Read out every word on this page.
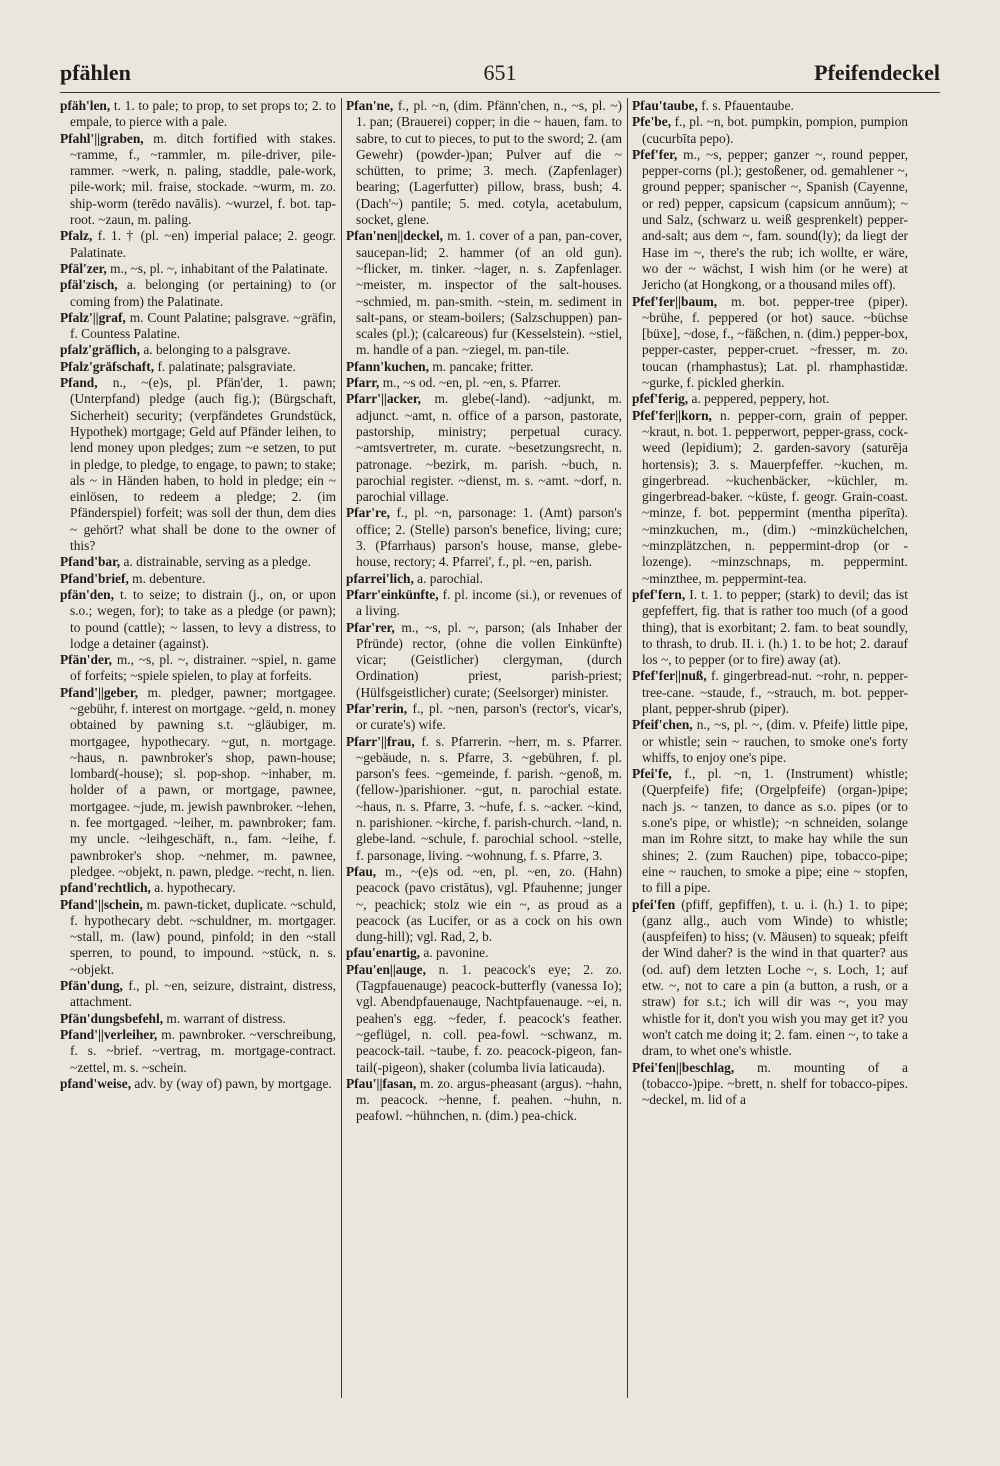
pfählen	651	Pfeifendeckel

pfäh'len, t. 1. to pale; to prop, to set props to; 2. to empale, to pierce with a pale.

Pfahl'||graben, m. ditch fortified with stakes. ~ramme, f., ~rammler, m. pile-driver, pile-rammer. ~werk, n. paling, staddle, pale-work, pile-work; mil. fraise, stockade. ~wurm, m. zo. ship-worm (terēdo navālis). ~wurzel, f. bot. tap-root. ~zaun, m. paling.

Pfalz, f. 1. † (pl. ~en) imperial palace; 2. geogr. Palatinate.

Pfäl'zer, m., ~s, pl. ~, inhabitant of the Palatinate.

pfäl'zisch, a. belonging (or pertaining) to (or coming from) the Palatinate.

Pfalz'||graf, m. Count Palatine; palsgrave. ~gräfin, f. Countess Palatine.

pfalz'gräflich, a. belonging to a palsgrave.

Pfalz'gräfschaft, f. palatinate; palsgraviate.

Pfand, n., ~(e)s, pl. Pfän'der, 1. pawn; (Unterpfand) pledge (auch fig.); (Bürgschaft, Sicherheit) security; (verpfändetes Grundstück, Hypothek) mortgage; Geld auf Pfänder leihen, to lend money upon pledges; zum ~e setzen, to put in pledge, to pledge, to engage, to pawn; to stake; als ~ in Händen haben, to hold in pledge; ein ~ einlösen, to redeem a pledge; 2. (im Pfänderspiel) forfeit; was soll der thun, dem dies ~ gehört? what shall be done to the owner of this?

Pfand'bar, a. distrainable, serving as a pledge.

Pfand'brief, m. debenture.

pfän'den, t. to seize; to distrain (j., on, or upon s.o.; wegen, for); to take as a pledge (or pawn); to pound (cattle); ~ lassen, to levy a distress, to lodge a detainer (against).

Pfän'der, m., ~s, pl. ~, distrainer. ~spiel, n. game of forfeits; ~spiele spielen, to play at forfeits.

Pfand'||geber, m. pledger, pawner; mortgagee. ~gebühr, f. interest on mortgage. ~geld, n. money obtained by pawning s.t. ~gläubiger, m. mortgagee, hypothecary. ~gut, n. mortgage. ~haus, n. pawnbroker's shop, pawn-house; lombard(-house); sl. pop-shop. ~inhaber, m. holder of a pawn, or mortgage, pawnee, mortgagee. ~jude, m. jewish pawnbroker. ~lehen, n. fee mortgaged. ~leiher, m. pawnbroker; fam. my uncle. ~leihgeschäft, n., fam. ~leihe, f. pawnbroker's shop. ~nehmer, m. pawnee, pledgee. ~objekt, n. pawn, pledge. ~recht, n. lien.

pfand'rechtlich, a. hypothecary.

Pfand'||schein, m. pawn-ticket, duplicate. ~schuld, f. hypothecary debt. ~schuldner, m. mortgager. ~stall, m. (law) pound, pinfold; in den ~stall sperren, to pound, to impound. ~stück, n. s. ~objekt.

Pfän'dung, f., pl. ~en, seizure, distraint, distress, attachment.

Pfän'dungsbefehl, m. warrant of distress.

Pfand'||verleiher, m. pawnbroker. ~verschreibung, f. s. ~brief. ~vertrag, m. mortgage-contract. ~zettel, m. s. ~schein.

pfand'weise, adv. by (way of) pawn, by mortgage.

Pfan'ne, f., pl. ~n, (dim. Pfänn'chen, n., ~s, pl. ~) 1. pan; (Brauerei) copper; in die ~ hauen, fam. to sabre, to cut to pieces, to put to the sword; 2. (am Gewehr) (powder-)pan; Pulver auf die ~ schütten, to prime; 3. mech. (Zapfenlager) bearing; (Lagerfutter) pillow, brass, bush; 4. (Dach'~) pantile; 5. med. cotyla, acetabulum, socket, glene.

Pfan'nen||deckel, m. 1. cover of a pan, pan-cover, saucepan-lid; 2. hammer (of an old gun). ~flicker, m. tinker. ~lager, n. s. Zapfenlager. ~meister, m. inspector of the salt-houses. ~schmied, m. pan-smith. ~stein, m. sediment in salt-pans, or steam-boilers; (Salzschuppen) pan-scales (pl.); (calcareous) fur (Kesselstein). ~stiel, m. handle of a pan. ~ziegel, m. pan-tile.

Pfann'kuchen, m. pancake; fritter.

Pfarr, m., ~s od. ~en, pl. ~en, s. Pfarrer.

Pfarr'||acker, m. glebe(-land). ~adjunkt, m. adjunct. ~amt, n. office of a parson, pastorate, pastorship, ministry; perpetual curacy. ~amtsvertreter, m. curate. ~besetzungsrecht, n. patronage. ~bezirk, m. parish. ~buch, n. parochial register. ~dienst, m. s. ~amt. ~dorf, n. parochial village.

Pfar're, f., pl. ~n, parsonage: 1. (Amt) parson's office; 2. (Stelle) parson's benefice, living; cure; 3. (Pfarrhaus) parson's house, manse, glebe-house, rectory; 4. Pfarrei', f., pl. ~en, parish.

pfarrei'lich, a. parochial.

Pfarr'einkünfte, f. pl. income (si.), or revenues of a living.

Pfar'rer, m., ~s, pl. ~, parson; (als Inhaber der Pfründe) rector, (ohne die vollen Einkünfte) vicar; (Geistlicher) clergyman, (durch Ordination) priest, parish-priest; (Hülfsgeistlicher) curate; (Seelsorger) minister.

Pfar'rerin, f., pl. ~nen, parson's (rector's, vicar's, or curate's) wife.

Pfarr'||frau, f. s. Pfarrerin. ~herr, m. s. Pfarrer. ~gebäude, n. s. Pfarre, 3. ~gebühren, f. pl. parson's fees. ~gemeinde, f. parish. ~genoß, m. (fellow-)parishioner. ~gut, n. parochial estate. ~haus, n. s. Pfarre, 3. ~hufe, f. s. ~acker. ~kind, n. parishioner. ~kirche, f. parish-church. ~land, n. glebe-land. ~schule, f. parochial school. ~stelle, f. parsonage, living. ~wohnung, f. s. Pfarre, 3.

Pfau, m., ~(e)s od. ~en, pl. ~en, zo. (Hahn) peacock (pavo cristātus), vgl. Pfauhenne; junger ~, peachick; stolz wie ein ~, as proud as a peacock (as Lucifer, or as a cock on his own dung-hill); vgl. Rad, 2, b.

pfau'enartig, a. pavonine.

Pfau'en||auge, n. 1. peacock's eye; 2. zo. (Tagpfauenauge) peacock-butterfly (vanessa Io); vgl. Abendpfauenauge, Nachtpfauenauge. ~ei, n. peahen's egg. ~feder, f. peacock's feather. ~geflügel, n. coll. pea-fowl. ~schwanz, m. peacock-tail. ~taube, f. zo. peacock-pigeon, fan-tail(-pigeon), shaker (columba livia laticauda).

Pfau'||fasan, m. zo. argus-pheasant (argus). ~hahn, m. peacock. ~henne, f. peahen. ~huhn, n. peafowl. ~hühnchen, n. (dim.) pea-chick.

Pfau'taube, f. s. Pfauentaube.

Pfe'be, f., pl. ~n, bot. pumpkin, pompion, pumpion (cucurbīta pepo).

Pfef'fer, m., ~s, pepper; ganzer ~, round pepper, pepper-corns (pl.); gestoßener, od. gemahlener ~, ground pepper; spanischer ~, Spanish (Cayenne, or red) pepper, capsicum (capsicum annŭum); ~ und Salz, (schwarz u. weiß gesprenkelt) pepper-and-salt; aus dem ~, fam. sound(ly); da liegt der Hase im ~, there's the rub; ich wollte, er wäre, wo der ~ wächst, I wish him (or he were) at Jericho (at Hongkong, or a thousand miles off).

Pfef'fer||baum, m. bot. pepper-tree (piper). ~brühe, f. peppered (or hot) sauce. ~büchse [büxe], ~dose, f., ~fäßchen, n. (dim.) pepper-box, pepper-caster, pepper-cruet. ~fresser, m. zo. toucan (rhamphastus); Lat. pl. rhamphastidæ. ~gurke, f. pickled gherkin.

pfef'ferig, a. peppered, peppery, hot.

Pfef'fer||korn, n. pepper-corn, grain of pepper. ~kraut, n. bot. 1. pepperwort, pepper-grass, cock-weed (lepidium); 2. garden-savory (saturēja hortensis); 3. s. Mauerpfeffer. ~kuchen, m. gingerbread. ~kuchenbäcker, ~küchler, m. gingerbread-baker. ~küste, f. geogr. Grain-coast. ~minze, f. bot. peppermint (mentha piperīta). ~minzkuchen, m., (dim.) ~minzküchelchen, ~minzplätzchen, n. peppermint-drop (or -lozenge). ~minzschnaps, m. peppermint. ~minzthee, m. peppermint-tea.

pfef'fern, I. t. 1. to pepper; (stark) to devil; das ist gepfeffert, fig. that is rather too much (of a good thing), that is exorbitant; 2. fam. to beat soundly, to thrash, to drub. II. i. (h.) 1. to be hot; 2. darauf los ~, to pepper (or to fire) away (at).

Pfef'fer||nuß, f. gingerbread-nut. ~rohr, n. pepper-tree-cane. ~staude, f., ~strauch, m. bot. pepper-plant, pepper-shrub (piper).

Pfeif'chen, n., ~s, pl. ~, (dim. v. Pfeife) little pipe, or whistle; sein ~ rauchen, to smoke one's forty whiffs, to enjoy one's pipe.

Pfei'fe, f., pl. ~n, 1. (Instrument) whistle; (Querpfeife) fife; (Orgelpfeife) (organ-)pipe; nach js. ~ tanzen, to dance as s.o. pipes (or to s.one's pipe, or whistle); ~n schneiden, solange man im Rohre sitzt, to make hay while the sun shines; 2. (zum Rauchen) pipe, tobacco-pipe; eine ~ rauchen, to smoke a pipe; eine ~ stopfen, to fill a pipe.

pfei'fen (pfiff, gepfiffen), t. u. i. (h.) 1. to pipe; (ganz allg., auch vom Winde) to whistle; (auspfeifen) to hiss; (v. Mäusen) to squeak; pfeift der Wind daher? is the wind in that quarter? aus (od. auf) dem letzten Loche ~, s. Loch, 1; auf etw. ~, not to care a pin (a button, a rush, or a straw) for s.t.; ich will dir was ~, you may whistle for it, don't you wish you may get it? you won't catch me doing it; 2. fam. einen ~, to take a dram, to whet one's whistle.

Pfei'fen||beschlag, m. mounting of a (tobacco-)pipe. ~brett, n. shelf for tobacco-pipes. ~deckel, m. lid of a
